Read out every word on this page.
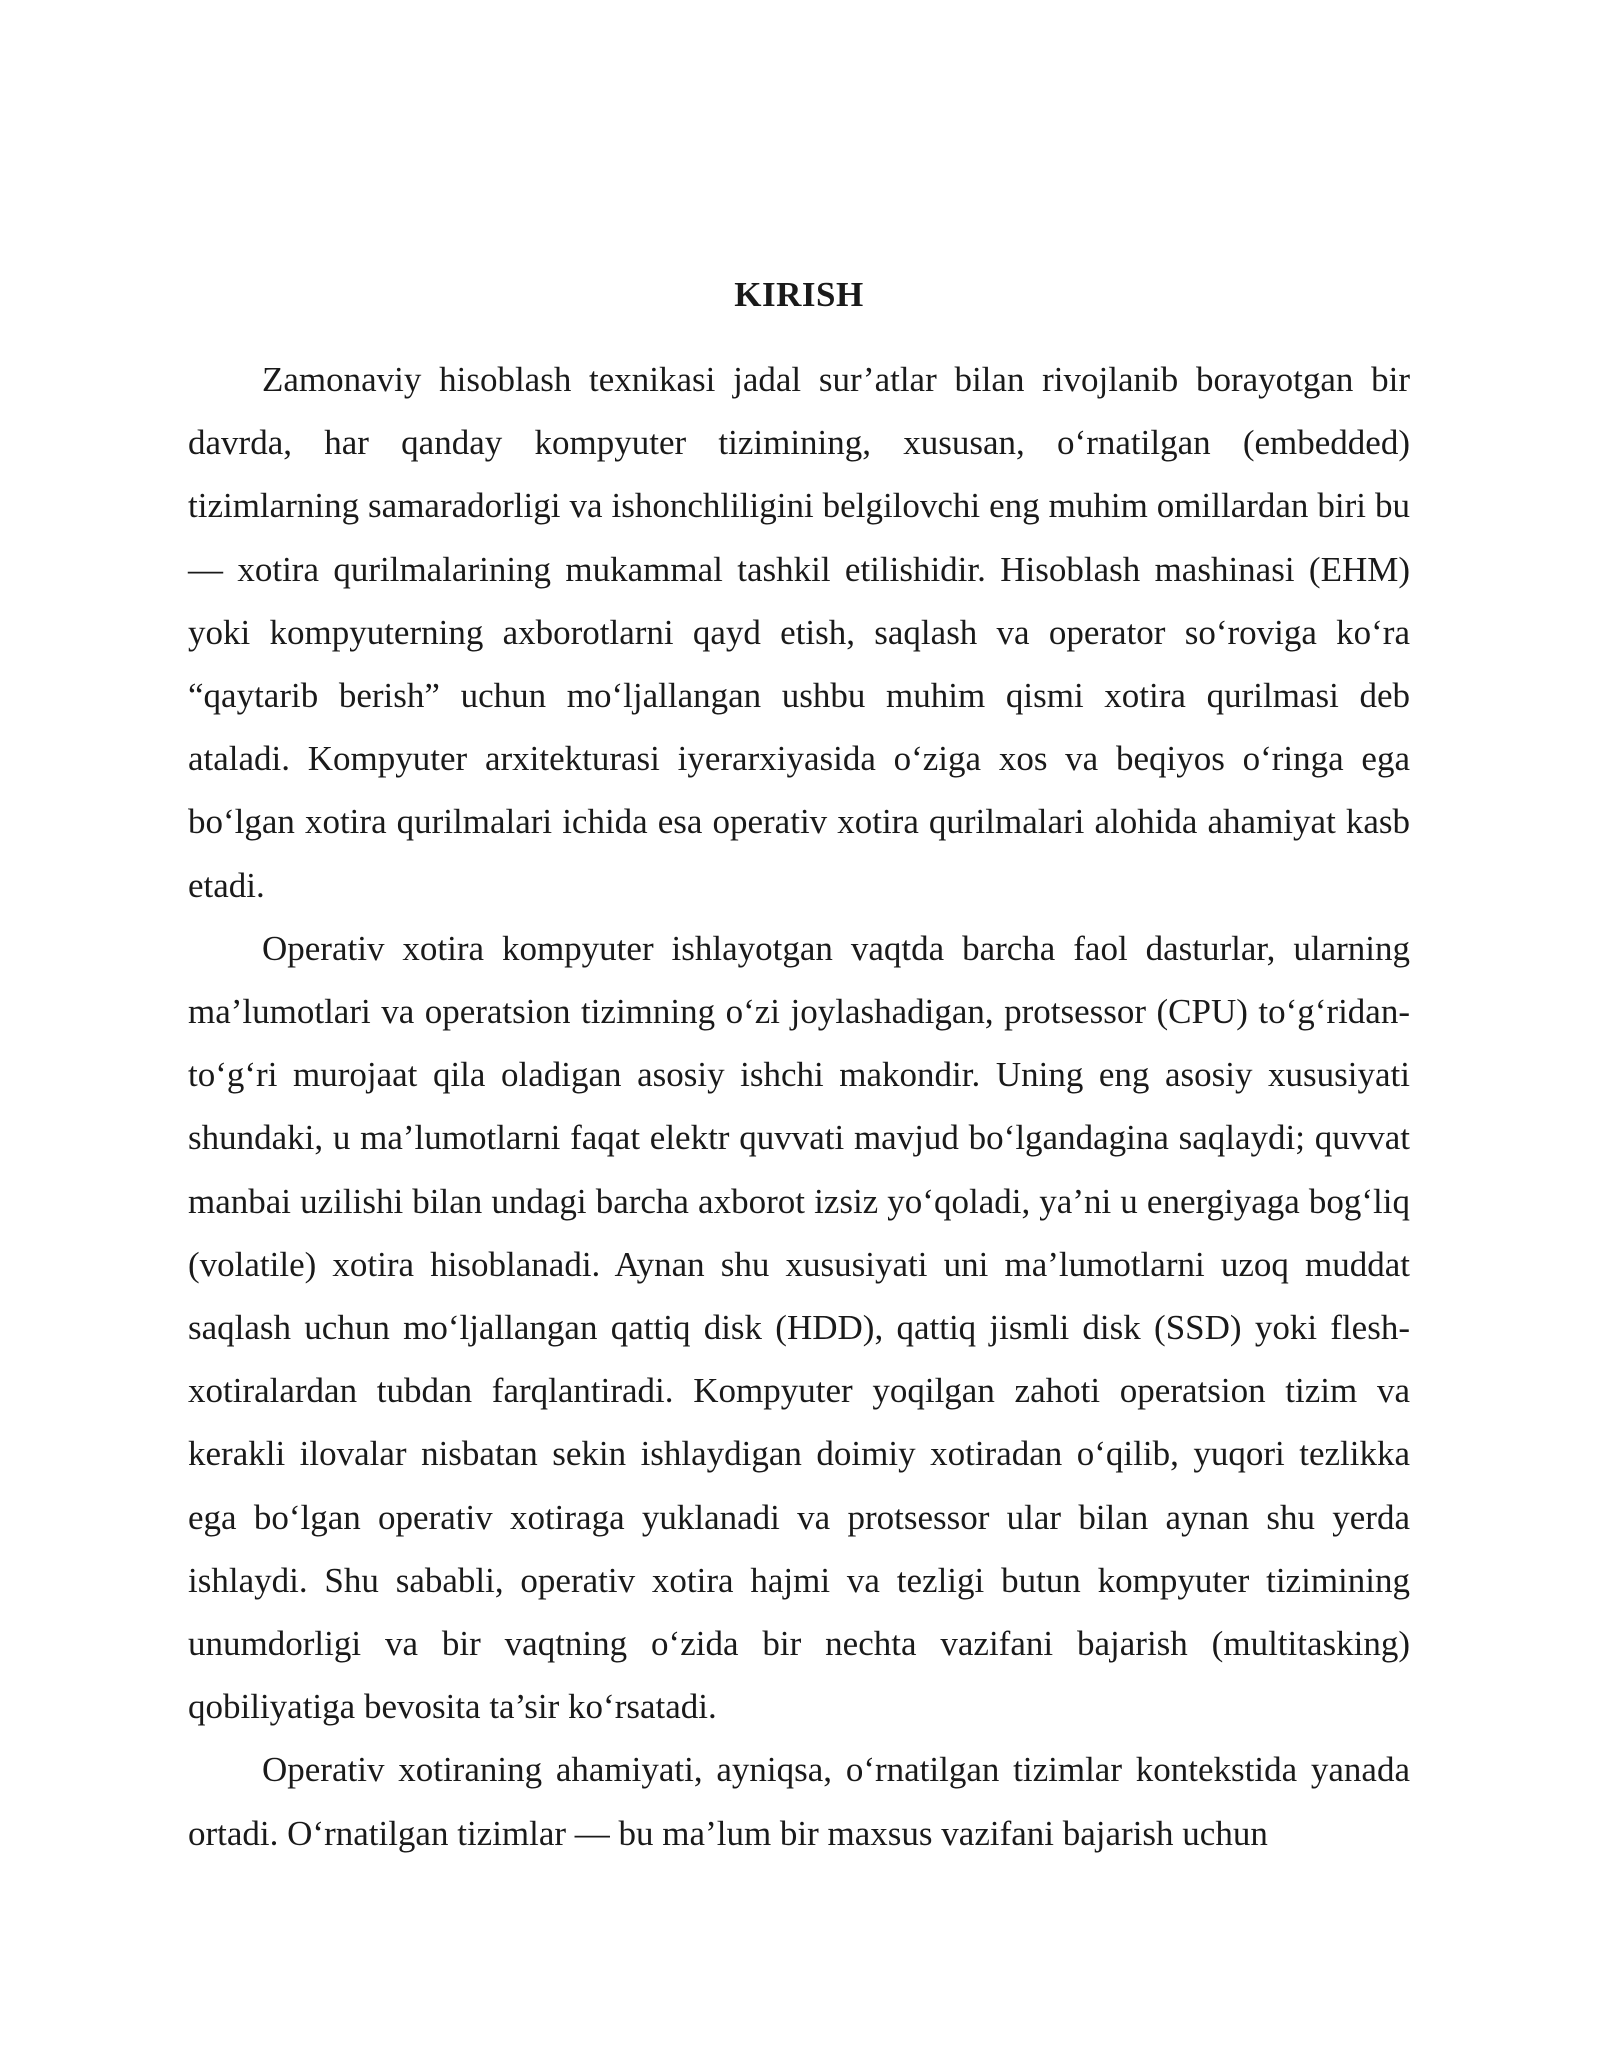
KIRISH

Zamonaviy hisoblash texnikasi jadal sur’atlar bilan rivojlanib borayotgan bir davrda, har qanday kompyuter tizimining, xususan, o‘rnatilgan (embedded) tizimlarning samaradorligi va ishonchliligini belgilovchi eng muhim omillardan biri bu — xotira qurilmalarining mukammal tashkil etilishidir. Hisoblash mashinasi (EHM) yoki kompyuterning axborotlarni qayd etish, saqlash va operator so‘roviga ko‘ra “qaytarib berish” uchun mo‘ljallangan ushbu muhim qismi xotira qurilmasi deb ataladi. Kompyuter arxitekturasi iyerarxiyasida o‘ziga xos va beqiyos o‘ringa ega bo‘lgan xotira qurilmalari ichida esa operativ xotira qurilmalari alohida ahamiyat kasb etadi.

Operativ xotira kompyuter ishlayotgan vaqtda barcha faol dasturlar, ularning ma’lumotlari va operatsion tizimning o‘zi joylashadigan, protsessor (CPU) to‘g‘ridan-to‘g‘ri murojaat qila oladigan asosiy ishchi makondir. Uning eng asosiy xususiyati shundaki, u ma’lumotlarni faqat elektr quvvati mavjud bo‘lgandagina saqlaydi; quvvat manbai uzilishi bilan undagi barcha axborot izsiz yo‘qoladi, ya’ni u energiyaga bog‘liq (volatile) xotira hisoblanadi. Aynan shu xususiyati uni ma’lumotlarni uzoq muddat saqlash uchun mo‘ljallangan qattiq disk (HDD), qattiq jismli disk (SSD) yoki flesh-xotiralardan tubdan farqlantiradi. Kompyuter yoqilgan zahoti operatsion tizim va kerakli ilovalar nisbatan sekin ishlaydigan doimiy xotiradan o‘qilib, yuqori tezlikka ega bo‘lgan operativ xotiraga yuklanadi va protsessor ular bilan aynan shu yerda ishlaydi. Shu sababli, operativ xotira hajmi va tezligi butun kompyuter tizimining unumdorligi va bir vaqtning o‘zida bir nechta vazifani bajarish (multitasking) qobiliyatiga bevosita ta’sir ko‘rsatadi.

Operativ xotiraning ahamiyati, ayniqsa, o‘rnatilgan tizimlar kontekstida yanada ortadi. O‘rnatilgan tizimlar — bu ma’lum bir maxsus vazifani bajarish uchun
